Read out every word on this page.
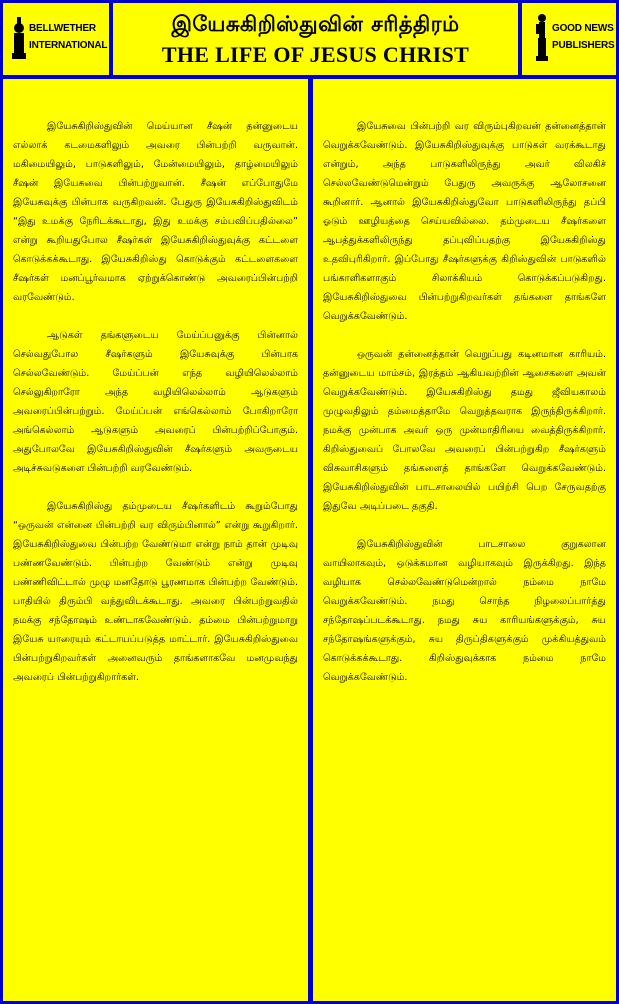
BELLWETHER
INTERNATIONAL
இயேசுகிறிஸ்துவின் சரித்திரம்
THE LIFE OF JESUS CHRIST
GOOD NEWS
PUBLISHERS

இயேசுகிறிஸ்துவின் மெய்யான சீஷன் தன்னுடைய எல்லாக் கடமைகளிலும் அவரை பின்பற்றி வருவான். மகிமையிலும், பாடுகளிலும், மேன்மையிலும், தாழ்மையிலும் சீஷன் இயேசுவை பின்பற்றுவான். சீஷன் எப்போதுமே இயேசுவுக்கு பின்பாக வருகிறவன். பேதுரு இயேசுகிறிஸ்துவிடம் “இது உமக்கு நேரிடக்கூடாது, இது உமக்கு சம்பவிப்பதில்லை” என்று கூறியதுபோல சீஷர்கள் இயேசுகிறிஸ்துவுக்கு கட்டளை கொடுக்கக்கூடாது. இயேசுகிறிஸ்து கொடுக்கும் கட்டளைகளை சீஷர்கள் மனப்பூர்வமாக ஏற்றுக்கொண்டு அவரைப்பின்பற்றி வரவேண்டும்.

ஆடுகள் தங்களுடைய மேய்ப்பனுக்கு பின்னால் செல்வதுபோல சீஷர்களும் இயேசுவுக்கு பின்பாக செல்லவேண்டும். மேய்ப்பன் எந்த வழியிலெல்லாம் செல்லுகிறாரோ அந்த வழியிலெல்லாம் ஆடுகளும் அவரைப்பின்பற்றும். மேய்ப்பன் எங்கெல்லாம் போகிறாரோ அங்கெல்லாம் ஆடுகளும் அவரைப் பின்பற்றிப்போகும். அதுபோலவே இயேசுகிறிஸ்துவின் சீஷர்களும் அவருடைய அடிச்சுவடுகளை பின்பற்றி வரவேண்டும்.

இயேசுகிறிஸ்து தம்முடைய சீஷர்களிடம் கூறும்போது “ஒருவன் என்னை பின்பற்றி வர விரும்பினால்” என்று கூறுகிறார். இயேசுகிறிஸ்துவை பின்பற்ற வேண்டுமா என்று நாம் தான் முடிவு பண்ணவேண்டும். பின்பற்ற வேண்டும் என்று முடிவு பண்ணிவிட்டால் முழு மனதோடு பூரணமாக பின்பற்ற வேண்டும். பாதியில் திரும்பி வந்துவிடக்கூடாது. அவரை பின்பற்றுவதில் நமக்கு சந்தோஷம் உண்டாகவேண்டும். தம்மை பின்பற்றுமாறு இயேசு யாரையும் கட்டாயப்படுத்த மாட்டார். இயேசுகிறிஸ்துவை பின்பற்றுகிறவர்கள் அனைவரும் தாங்களாகவே மனமுவந்து அவரைப் பின்பற்றுகிறார்கள்.

இயேசுவை பின்பற்றி வர விரும்புகிறவன் தன்னைத்தான் வெறுக்கவேண்டும். இயேசுகிறிஸ்துவுக்கு பாடுகள் வரக்கூடாது என்றும், அந்த பாடுகளிலிருந்து அவர் விலகிச் செல்லவேண்டுமென்றும் பேதுரு அவருக்கு ஆலோசனை கூறினார். ஆனால் இயேசுகிறிஸ்துவோ பாடுகளிலிருந்து தப்பி ஓடும் ஊழியத்தை செய்யவில்லை. தம்முடைய சீஷர்களை ஆபத்துக்களிலிருந்து தப்புவிப்பதற்கு இயேசுகிறிஸ்து உதவிபுரிகிறார். இப்போது சீஷர்களுக்கு கிறிஸ்துவின் பாடுகளில் பங்காளிகளாகும் சிலாக்கியம் கொடுக்கப்படுகிறது. இயேசுகிறிஸ்துவை பின்பற்றுகிறவர்கள் தங்களை தாங்களே வெறுக்கவேண்டும்.

ஒருவன் தன்னைத்தான் வெறுப்பது கடினமான காரியம். தன்னுடைய மாம்சம், இரத்தம் ஆகியவற்றின் ஆசைகளை அவன் வெறுக்கவேண்டும். இயேசுகிறிஸ்து தமது ஜீவியகாலம் முழுவதிலும் தம்மைத்தாமே வெறுத்தவராக இருந்திருக்கிறார். நமக்கு முன்பாக அவர் ஒரு முன்மாதிரியை வைத்திருக்கிறார். கிறிஸ்துவைப் போலவே அவரைப் பின்பற்றுகிற சீஷர்களும் விசுவாசிகளும் தங்களைத் தாங்களே வெறுக்கவேண்டும். இயேசுகிறிஸ்துவின் பாடசாலையில் பயிற்சி பெற சேருவதற்கு இதுவே அடிப்படை தகுதி.

இயேசுகிறிஸ்துவின் பாடசாலை குறுகலான வாயிலாகவும், ஒடுக்கமான வழியாகவும் இருக்கிறது. இந்த வழியாக செல்லவேண்டுமென்றால் நம்மை நாமே வெறுக்கவேண்டும். நமது சொந்த நிழலைப்பார்த்து சந்தோஷப்படக்கூடாது. நமது சுய காரியங்களுக்கும், சுய சந்தோஷங்களுக்கும், சுய திருப்திகளுக்கும் முக்கியத்துவம் கொடுக்கக்கூடாது. கிறிஸ்துவுக்காக நம்மை நாமே வெறுக்கவேண்டும்.
